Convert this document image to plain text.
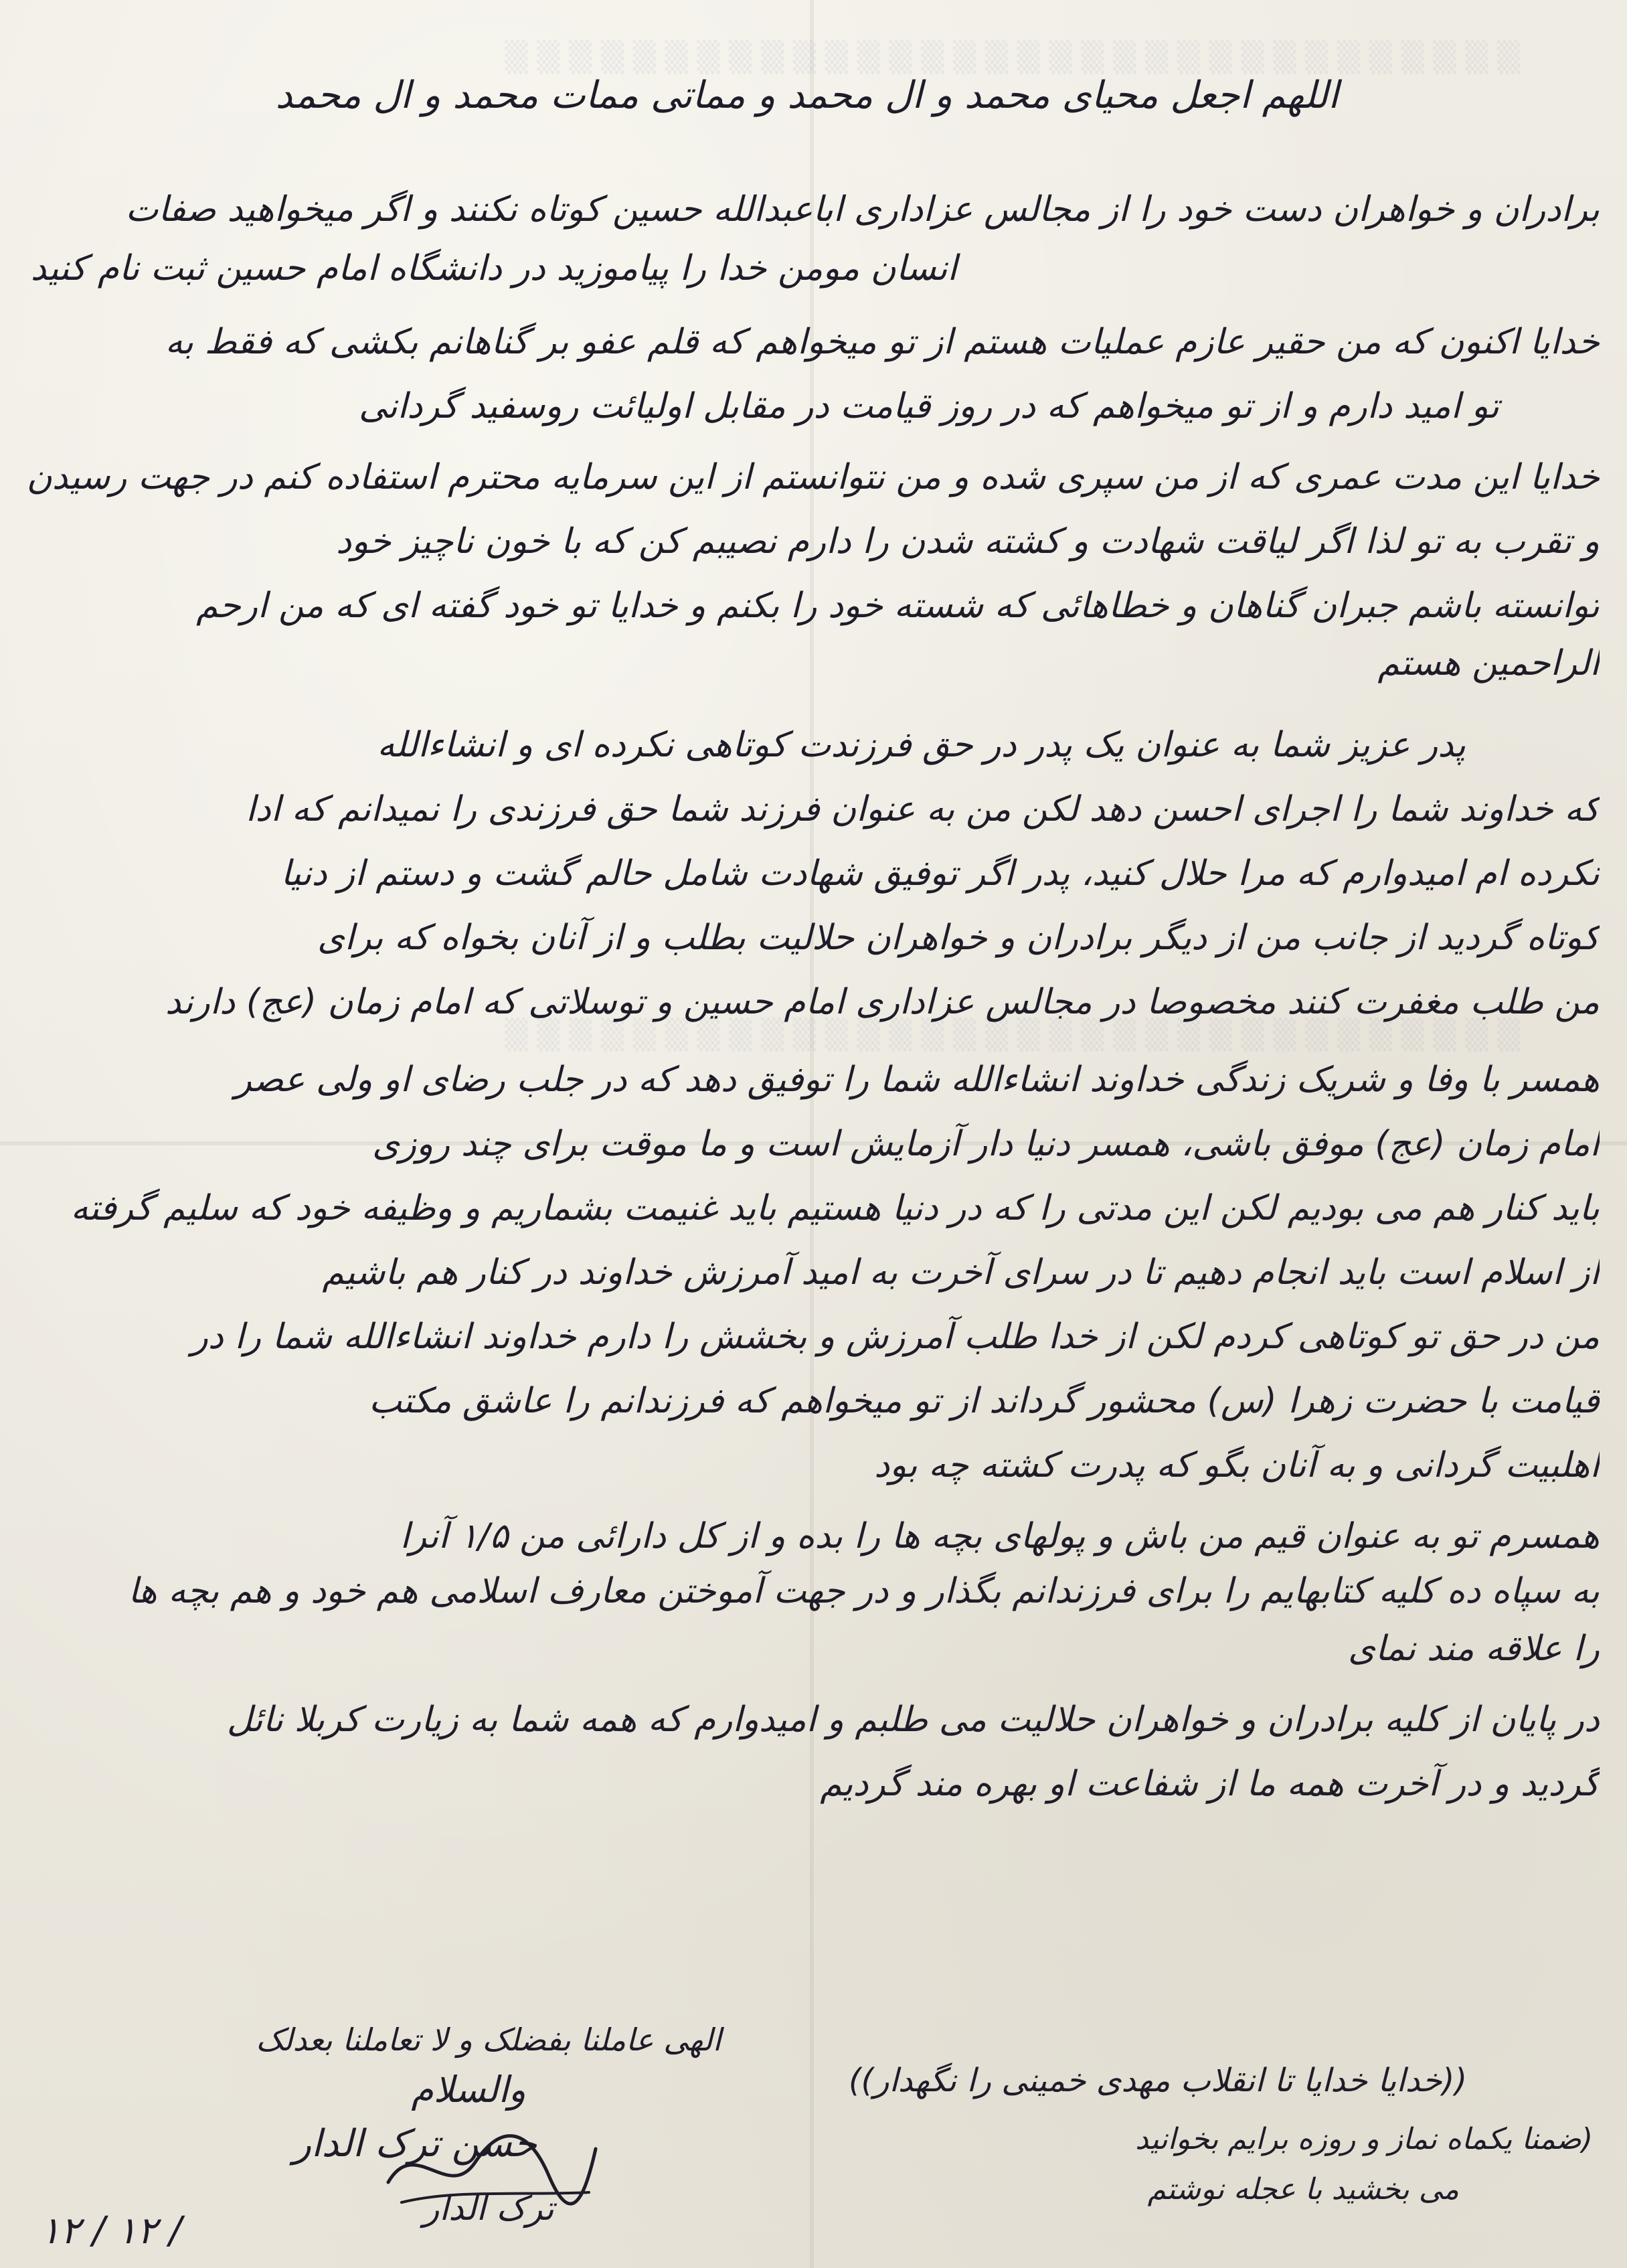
▒ ▒ ▒ ▒ ▒ ▒ ▒ ▒ ▒ ▒ ▒ ▒ ▒ ▒ ▒ ▒ ▒ ▒ ▒ ▒ ▒ ▒ ▒ ▒ ▒ ▒ ▒ ▒ ▒ ▒ ▒ ▒
▒ ▒ ▒ ▒ ▒ ▒ ▒ ▒ ▒ ▒ ▒ ▒ ▒ ▒ ▒ ▒ ▒ ▒ ▒ ▒ ▒ ▒ ▒ ▒ ▒ ▒ ▒ ▒ ▒ ▒ ▒ ▒
اللهم اجعل محیای محمد و ال محمد و مماتی ممات محمد و ال محمد
برادران و خواهران دست خود را از مجالس عزاداری اباعبدالله حسین کوتاه نکنند و اگر میخواهید صفات
انسان مومن خدا را پیاموزید در دانشگاه امام حسین ثبت نام کنید
خدایا اکنون که من حقیر عازم عملیات هستم از تو میخواهم که قلم عفو بر گناهانم بکشی که فقط به
تو امید دارم و از تو میخواهم که در روز قیامت در مقابل اولیائت روسفید گردانی
خدایا این مدت عمری که از من سپری شده و من نتوانستم از این سرمایه محترم استفاده کنم در جهت رسیدن
و تقرب به تو لذا اگر لیاقت شهادت و کشته شدن را دارم نصیبم کن که با خون ناچیز خود
توانسته باشم جبران گناهان و خطاهائی که شسته خود را بکنم و خدایا تو خود گفته ای که من ارحم
الراحمین هستم
پدر عزیز شما به عنوان یک پدر در حق فرزندت کوتاهی نکرده ای و انشاءالله
که خداوند شما را اجرای احسن دهد لکن من به عنوان فرزند شما حق فرزندی را نمیدانم که ادا
نکرده ام امیدوارم که مرا حلال کنید، پدر اگر توفیق شهادت شامل حالم گشت و دستم از دنیا
کوتاه گردید از جانب من از دیگر برادران و خواهران حلالیت بطلب و از آنان بخواه که برای
من طلب مغفرت کنند مخصوصا در مجالس عزاداری امام حسین و توسلاتی که امام زمان (عج) دارند
همسر با وفا و شریک زندگی خداوند انشاءالله شما را توفیق دهد که در جلب رضای او ولی عصر
امام زمان (عج) موفق باشی، همسر دنیا دار آزمایش است و ما موقت برای چند روزی
باید کنار هم می بودیم لکن این مدتی را که در دنیا هستیم باید غنیمت بشماریم و وظیفه خود که سلیم گرفته
از اسلام است باید انجام دهیم تا در سرای آخرت به امید آمرزش خداوند در کنار هم باشیم
من در حق تو کوتاهی کردم لکن از خدا طلب آمرزش و بخشش را دارم خداوند انشاءالله شما را در
قیامت با حضرت زهرا (س) محشور گرداند از تو میخواهم که فرزندانم را عاشق مکتب
اهلبیت گردانی و به آنان بگو که پدرت کشته چه بود
همسرم تو به عنوان قیم من باش و پولهای بچه ها را بده و از کل دارائی من ۱/۵ آنرا
به سپاه ده کلیه کتابهایم را برای فرزندانم بگذار و در جهت آموختن معارف اسلامی هم خود و هم بچه ها
را علاقه مند نمای
در پایان از کلیه برادران و خواهران حلالیت می طلبم و امیدوارم که همه شما به زیارت کربلا نائل
گردید و در آخرت همه ما از شفاعت او بهره مند گردیم
الهی عاملنا بفضلک و لا تعاملنا بعدلک
((خدایا خدایا تا انقلاب مهدی خمینی را نگهدار))
والسلام
حسن ترک الدار
ترک الدار
(ضمنا یکماه نماز و روزه برایم بخوانید
می بخشید با عجله نوشتم
۱۲ / ۱۲ /
